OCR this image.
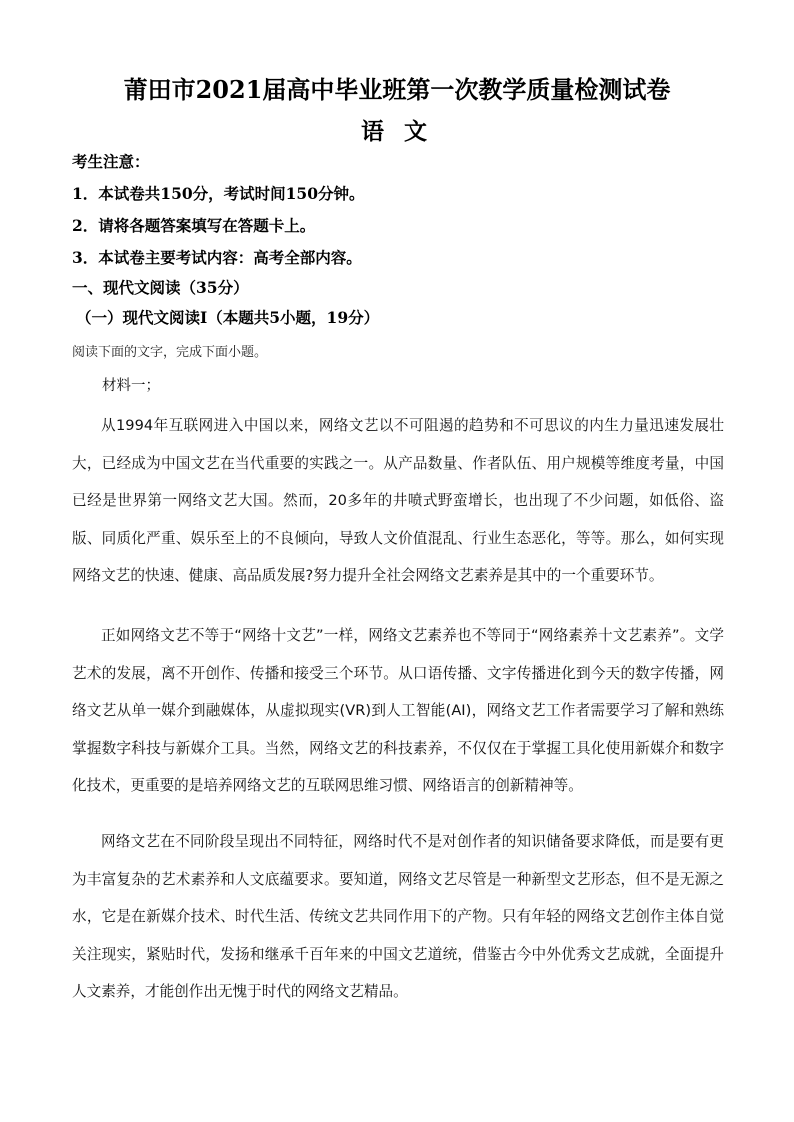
莆田市2021届高中毕业班第一次教学质量检测试卷
语 文
考生注意：
1．本试卷共150分，考试时间150分钟。
2．请将各题答案填写在答题卡上。
3．本试卷主要考试内容：高考全部内容。
一、现代文阅读（35分）
（一）现代文阅读Ⅰ（本题共5小题，19分）
阅读下面的文字，完成下面小题。
材料一；

从1994年互联网进入中国以来，网络文艺以不可阻遏的趋势和不可思议的内生力量迅速发展壮大，已经成为中国文艺在当代重要的实践之一。从产品数量、作者队伍、用户规模等维度考量，中国已经是世界第一网络文艺大国。然而，20多年的井喷式野蛮增长，也出现了不少问题，如低俗、盗版、同质化严重、娱乐至上的不良倾向，导致人文价值混乱、行业生态恶化，等等。那么，如何实现网络文艺的快速、健康、高品质发展?努力提升全社会网络文艺素养是其中的一个重要环节。

正如网络文艺不等于“网络十文艺”一样，网络文艺素养也不等同于“网络素养十文艺素养”。文学艺术的发展，离不开创作、传播和接受三个环节。从口语传播、文字传播进化到今天的数字传播，网络文艺从单一媒介到融媒体，从虚拟现实(VR)到人工智能(AI)，网络文艺工作者需要学习了解和熟练掌握数字科技与新媒介工具。当然，网络文艺的科技素养，不仅仅在于掌握工具化使用新媒介和数字化技术，更重要的是培养网络文艺的互联网思维习惯、网络语言的创新精神等。

网络文艺在不同阶段呈现出不同特征，网络时代不是对创作者的知识储备要求降低，而是要有更为丰富复杂的艺术素养和人文底蕴要求。要知道，网络文艺尽管是一种新型文艺形态，但不是无源之水，它是在新媒介技术、时代生活、传统文艺共同作用下的产物。只有年轻的网络文艺创作主体自觉关注现实，紧贴时代，发扬和继承千百年来的中国文艺道统，借鉴古今中外优秀文艺成就，全面提升人文素养，才能创作出无愧于时代的网络文艺精品。
